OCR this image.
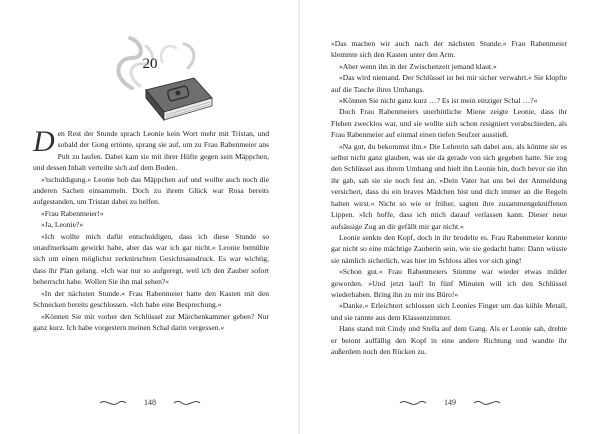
20

Den Rest der Stunde sprach Leonie kein Wort mehr mit Tristan, und sobald der Gong ertönte, sprang sie auf, um zu Frau Rabenmeier ans Pult zu laufen. Dabei kam sie mit ihrer Hüfte gegen sein Mäppchen, und dessen Inhalt verteilte sich auf dem Boden.

»'tschuldigung.« Leonie hob das Mäppchen auf und wollte auch noch die anderen Sachen einsammeln. Doch zu ihrem Glück war Rosa bereits aufgestanden, um Tristan dabei zu helfen.

»Frau Rabenmeier!«

»Ja, Leonie?«

»Ich wollte mich dafür entschuldigen, dass ich diese Stunde so unaufmerksam gewirkt habe, aber das war ich gar nicht.« Leonie bemühte sich um einen möglichst zerknirschten Gesichtsausdruck. Es war wichtig, dass ihr Plan gelang. »Ich war nur so aufgeregt, weil ich den Zauber sofort beherrscht habe. Wollen Sie ihn mal sehen?«

»In der nächsten Stunde.« Frau Rabenmeier hatte den Kasten mit den Schnecken bereits geschlossen. »Ich habe eine Besprechung.«

»Können Sie mir vorher den Schlüssel zur Märchenkammer geben? Nur ganz kurz. Ich habe vorgestern meinen Schal darin vergessen.«

148

»Das machen wir auch nach der nächsten Stunde.« Frau Rabenmeier klemmte sich den Kasten unter den Arm.

»Aber wenn ihn in der Zwischenzeit jemand klaut.«

»Das wird niemand. Der Schlüssel ist bei mir sicher verwahrt.« Sie klopfte auf die Tasche ihres Umhangs.

»Können Sie nicht ganz kurz …? Es ist mein einziger Schal …?«

Doch Frau Rabenmeiers unerbittliche Miene zeigte Leonie, dass ihr Flehen zwecklos war, und sie wollte sich schon resigniert verabschieden, als Frau Rabenmeier auf einmal einen tiefen Seufzer ausstieß.

»Na gut, du bekommst ihn.« Die Lehrerin sah dabei aus, als könnte sie es selbst nicht ganz glauben, was sie da gerade von sich gegeben hatte. Sie zog den Schlüssel aus ihrem Umhang und hielt ihn Leonie hin, doch bevor sie ihn ihr gab, sah sie sie noch fest an. »Dein Vater hat uns bei der Anmeldung versichert, dass du ein braves Mädchen bist und dich immer an die Regeln halten wirst.« Nicht so wie er früher, sagten ihre zusammengekniffenen Lippen. »Ich hoffe, dass ich mich darauf verlassen kann. Dieser neue aufsässige Zug an dir gefällt mir gar nicht.«

Leonie senkte den Kopf, doch in ihr brodelte es. Frau Rabenmeier konnte gar nicht so eine mächtige Zauberin sein, wie sie gedacht hatte: Dann wüsste sie nämlich sicherlich, was hier im Schloss alles vor sich ging!

»Schon gut.« Frau Rabenmeiers Stimme war wieder etwas milder geworden. »Und jetzt lauf! In fünf Minuten will ich den Schlüssel wiederhaben. Bring ihn zu mir ins Büro!«

»Danke.« Erleichtert schlossen sich Leonies Finger um das kühle Metall, und sie rannte aus dem Klassenzimmer.

Hans stand mit Cindy und Stella auf dem Gang. Als er Leonie sah, drehte er betont auffällig den Kopf in eine andere Richtung und wandte ihr außerdem noch den Rücken zu.

149
